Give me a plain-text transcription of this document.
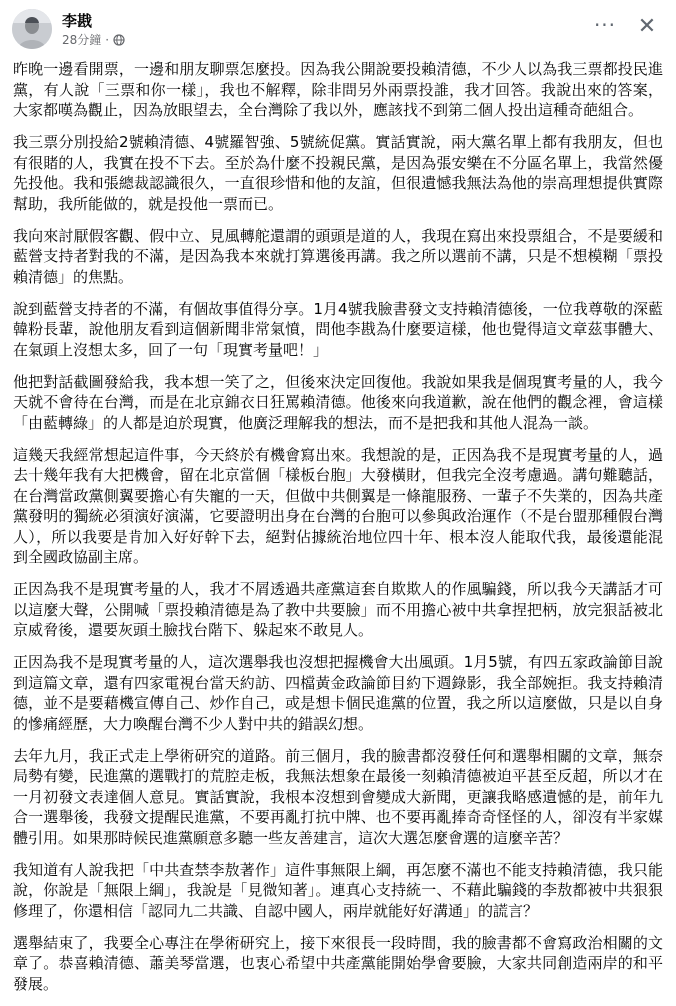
李戡
28分鐘 ·
··· ✕

昨晚一邊看開票，一邊和朋友聊票怎麼投。因為我公開說要投賴清德，不少人以為我三票都投民進黨，有人說「三票和你一樣」，我也不解釋，除非問另外兩票投誰，我才回答。我說出來的答案，大家都嘆為觀止，因為放眼望去，全台灣除了我以外，應該找不到第二個人投出這種奇葩組合。

我三票分別投給2號賴清德、4號羅智強、5號統促黨。實話實說，兩大黨名單上都有我朋友，但也有很賭的人，我實在投不下去。至於為什麼不投親民黨，是因為張安樂在不分區名單上，我當然優先投他。我和張總裁認識很久，一直很珍惜和他的友誼，但很遺憾我無法為他的崇高理想提供實際幫助，我所能做的，就是投他一票而已。

我向來討厭假客觀、假中立、見風轉舵還謂的頭頭是道的人，我現在寫出來投票組合，不是要緩和藍營支持者對我的不滿，是因為我本來就打算選後再講。我之所以選前不講，只是不想模糊「票投賴清德」的焦點。

說到藍營支持者的不滿，有個故事值得分享。1月4號我臉書發文支持賴清德後，一位我尊敬的深藍韓粉長輩，說他朋友看到這個新聞非常氣憤，問他李戡為什麼要這樣，他也覺得這文章茲事體大、在氣頭上沒想太多，回了一句「現實考量吧！」

他把對話截圖發給我，我本想一笑了之，但後來決定回復他。我說如果我是個現實考量的人，我今天就不會待在台灣，而是在北京錦衣日狂罵賴清德。他後來向我道歉，說在他們的觀念裡，會這樣「由藍轉綠」的人都是迫於現實，他廣泛理解我的想法，而不是把我和其他人混為一談。

這幾天我經常想起這件事，今天終於有機會寫出來。我想說的是，正因為我不是現實考量的人，過去十幾年我有大把機會，留在北京當個「樣板台胞」大發橫財，但我完全沒考慮過。講句難聽話，在台灣當政黨側翼要擔心有失寵的一天，但做中共側翼是一條龍服務、一輩子不失業的，因為共產黨發明的獨統必須演好演滿，它要證明出身在台灣的台胞可以參與政治運作（不是台盟那種假台灣人），所以我要是肯加入好好幹下去，絕對佔據統治地位四十年、根本沒人能取代我，最後還能混到全國政協副主席。

正因為我不是現實考量的人，我才不屑透過共產黨這套自欺欺人的作風騙錢，所以我今天講話才可以這麼大聲，公開喊「票投賴清德是為了教中共要臉」而不用擔心被中共拿捏把柄，放完狠話被北京威脅後，還要灰頭土臉找台階下、躲起來不敢見人。

正因為我不是現實考量的人，這次選舉我也沒想把握機會大出風頭。1月5號，有四五家政論節目說到這篇文章，還有四家電視台當天約訪、四檔黃金政論節目約下週錄影，我全部婉拒。我支持賴清德，並不是要藉機宣傳自己、炒作自己，或是想卡個民進黨的位置，我之所以這麼做，只是以自身的慘痛經歷，大力喚醒台灣不少人對中共的錯誤幻想。

去年九月，我正式走上學術研究的道路。前三個月，我的臉書都沒發任何和選舉相關的文章，無奈局勢有變，民進黨的選戰打的荒腔走板，我無法想象在最後一刻賴清德被迫平甚至反超，所以才在一月初發文表達個人意見。實話實說，我根本沒想到會變成大新聞，更讓我略感遺憾的是，前年九合一選舉後，我發文提醒民進黨，不要再亂打抗中牌、也不要再亂捧奇奇怪怪的人，卻沒有半家媒體引用。如果那時候民進黨願意多聽一些友善建言，這次大選怎麼會選的這麼辛苦？

我知道有人說我把「中共查禁李敖著作」這件事無限上綱，再怎麼不滿也不能支持賴清德，我只能說，你說是「無限上綱」，我說是「見微知著」。連真心支持統一、不藉此騙錢的李敖都被中共狠狠修理了，你還相信「認同九二共識、自認中國人，兩岸就能好好溝通」的謊言？

選舉結束了，我要全心專注在學術研究上，接下來很長一段時間，我的臉書都不會寫政治相關的文章了。恭喜賴清德、蕭美琴當選，也衷心希望中共產黨能開始學會要臉，大家共同創造兩岸的和平發展。
